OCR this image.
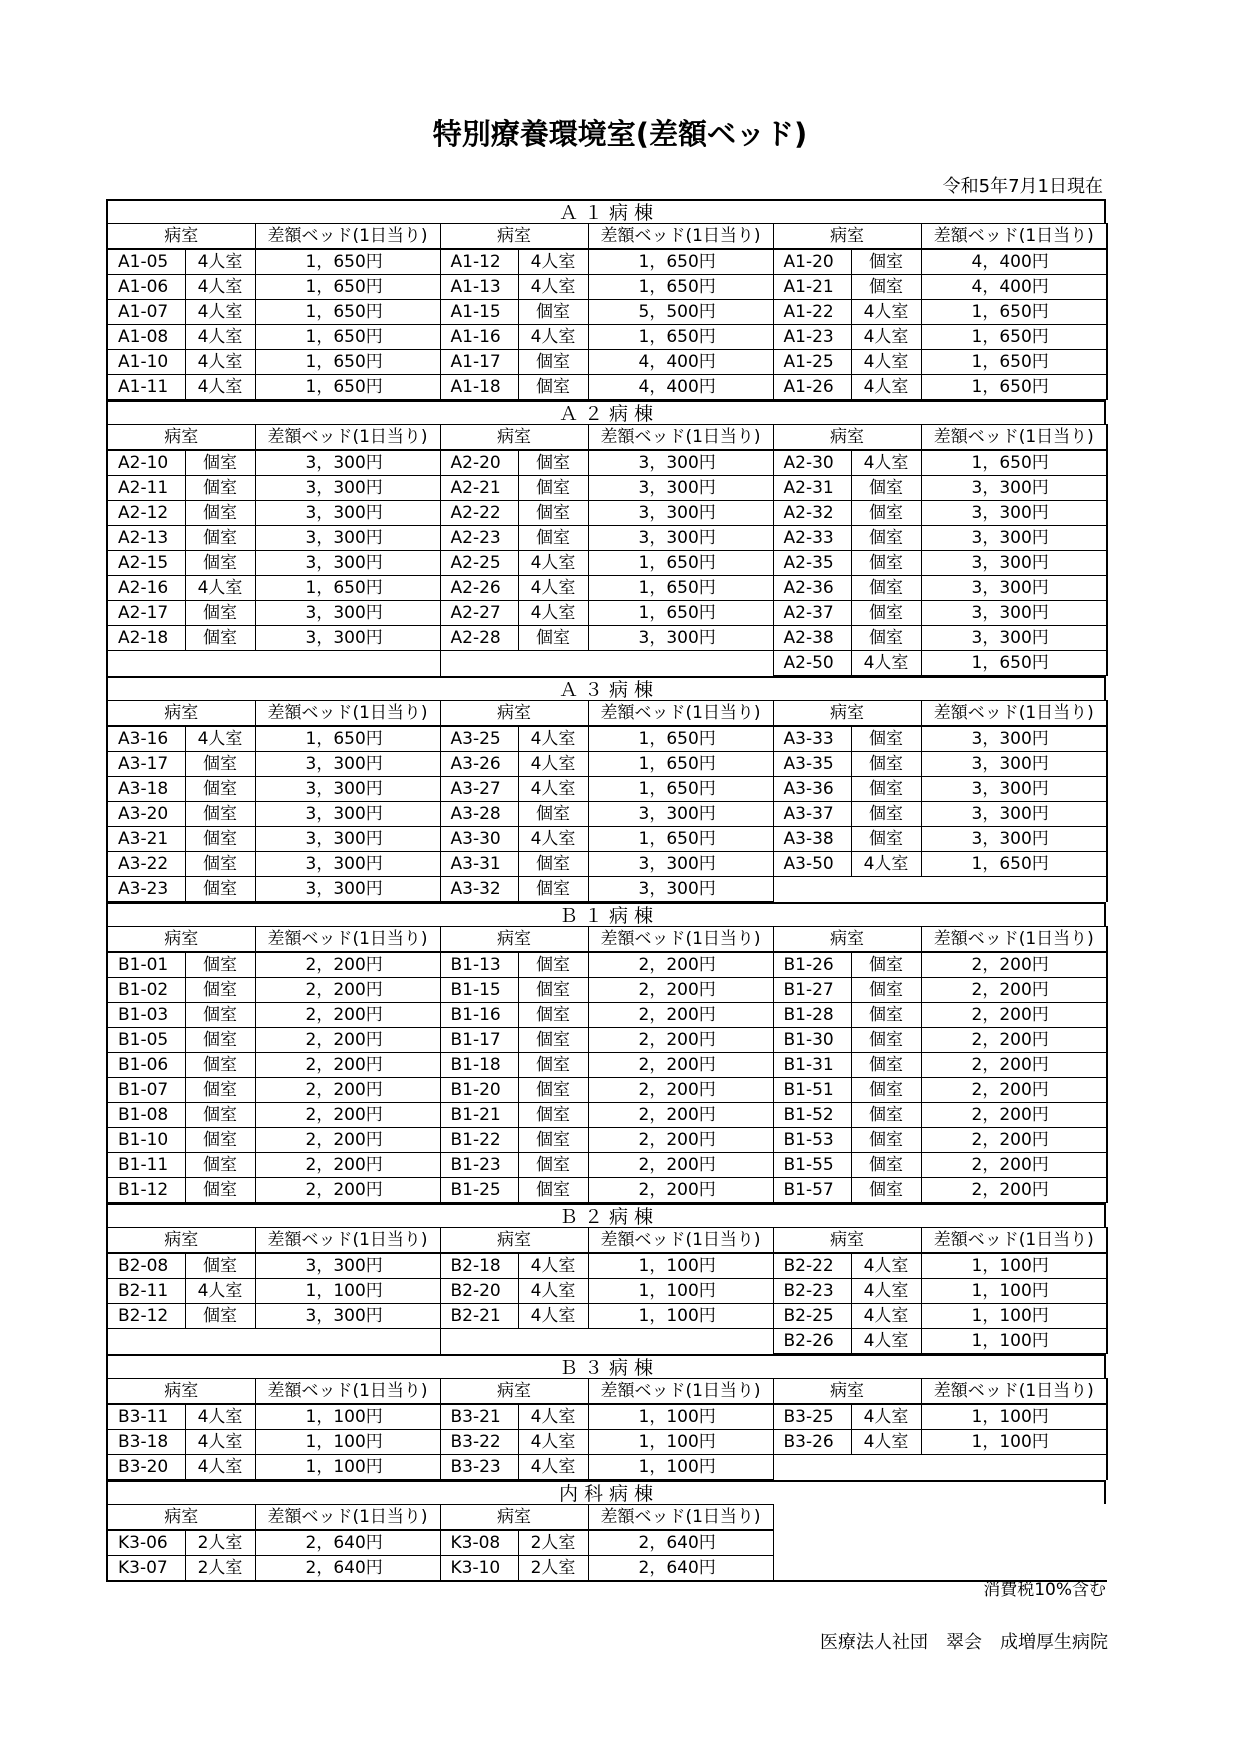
特別療養環境室(差額ベッド)
令和5年7月1日現在
Ａ １ 病 棟
病室		差額ベッド(1日当り)	病室		差額ベッド(1日当り)	病室		差額ベッド(1日当り)
A1-05	4人室	1，650円	A1-12	4人室	1，650円	A1-20	個室	4，400円
A1-06	4人室	1，650円	A1-13	4人室	1，650円	A1-21	個室	4，400円
A1-07	4人室	1，650円	A1-15	個室	5，500円	A1-22	4人室	1，650円
A1-08	4人室	1，650円	A1-16	4人室	1，650円	A1-23	4人室	1，650円
A1-10	4人室	1，650円	A1-17	個室	4，400円	A1-25	4人室	1，650円
A1-11	4人室	1，650円	A1-18	個室	4，400円	A1-26	4人室	1，650円
Ａ ２ 病 棟
病室		差額ベッド(1日当り)	病室		差額ベッド(1日当り)	病室		差額ベッド(1日当り)
A2-10	個室	3，300円	A2-20	個室	3，300円	A2-30	4人室	1，650円
A2-11	個室	3，300円	A2-21	個室	3，300円	A2-31	個室	3，300円
A2-12	個室	3，300円	A2-22	個室	3，300円	A2-32	個室	3，300円
A2-13	個室	3，300円	A2-23	個室	3，300円	A2-33	個室	3，300円
A2-15	個室	3，300円	A2-25	4人室	1，650円	A2-35	個室	3，300円
A2-16	4人室	1，650円	A2-26	4人室	1，650円	A2-36	個室	3，300円
A2-17	個室	3，300円	A2-27	4人室	1，650円	A2-37	個室	3，300円
A2-18	個室	3，300円	A2-28	個室	3，300円	A2-38	個室	3，300円
						A2-50	4人室	1，650円
Ａ ３ 病 棟
病室		差額ベッド(1日当り)	病室		差額ベッド(1日当り)	病室		差額ベッド(1日当り)
A3-16	4人室	1，650円	A3-25	4人室	1，650円	A3-33	個室	3，300円
A3-17	個室	3，300円	A3-26	4人室	1，650円	A3-35	個室	3，300円
A3-18	個室	3，300円	A3-27	4人室	1，650円	A3-36	個室	3，300円
A3-20	個室	3，300円	A3-28	個室	3，300円	A3-37	個室	3，300円
A3-21	個室	3，300円	A3-30	4人室	1，650円	A3-38	個室	3，300円
A3-22	個室	3，300円	A3-31	個室	3，300円	A3-50	4人室	1，650円
A3-23	個室	3，300円	A3-32	個室	3，300円			
Ｂ １ 病 棟
病室		差額ベッド(1日当り)	病室		差額ベッド(1日当り)	病室		差額ベッド(1日当り)
B1-01	個室	2，200円	B1-13	個室	2，200円	B1-26	個室	2，200円
B1-02	個室	2，200円	B1-15	個室	2，200円	B1-27	個室	2，200円
B1-03	個室	2，200円	B1-16	個室	2，200円	B1-28	個室	2，200円
B1-05	個室	2，200円	B1-17	個室	2，200円	B1-30	個室	2，200円
B1-06	個室	2，200円	B1-18	個室	2，200円	B1-31	個室	2，200円
B1-07	個室	2，200円	B1-20	個室	2，200円	B1-51	個室	2，200円
B1-08	個室	2，200円	B1-21	個室	2，200円	B1-52	個室	2，200円
B1-10	個室	2，200円	B1-22	個室	2，200円	B1-53	個室	2，200円
B1-11	個室	2，200円	B1-23	個室	2，200円	B1-55	個室	2，200円
B1-12	個室	2，200円	B1-25	個室	2，200円	B1-57	個室	2，200円
Ｂ ２ 病 棟
病室		差額ベッド(1日当り)	病室		差額ベッド(1日当り)	病室		差額ベッド(1日当り)
B2-08	個室	3，300円	B2-18	4人室	1，100円	B2-22	4人室	1，100円
B2-11	4人室	1，100円	B2-20	4人室	1，100円	B2-23	4人室	1，100円
B2-12	個室	3，300円	B2-21	4人室	1，100円	B2-25	4人室	1，100円
						B2-26	4人室	1，100円
Ｂ ３ 病 棟
病室		差額ベッド(1日当り)	病室		差額ベッド(1日当り)	病室		差額ベッド(1日当り)
B3-11	4人室	1，100円	B3-21	4人室	1，100円	B3-25	4人室	1，100円
B3-18	4人室	1，100円	B3-22	4人室	1，100円	B3-26	4人室	1，100円
B3-20	4人室	1，100円	B3-23	4人室	1，100円			
内 科 病 棟
病室		差額ベッド(1日当り)	病室		差額ベッド(1日当り)	
K3-06	2人室	2，640円	K3-08	2人室	2，640円	
K3-07	2人室	2，640円	K3-10	2人室	2，640円	
消費税10%含む
医療法人社団　翠会　成増厚生病院
